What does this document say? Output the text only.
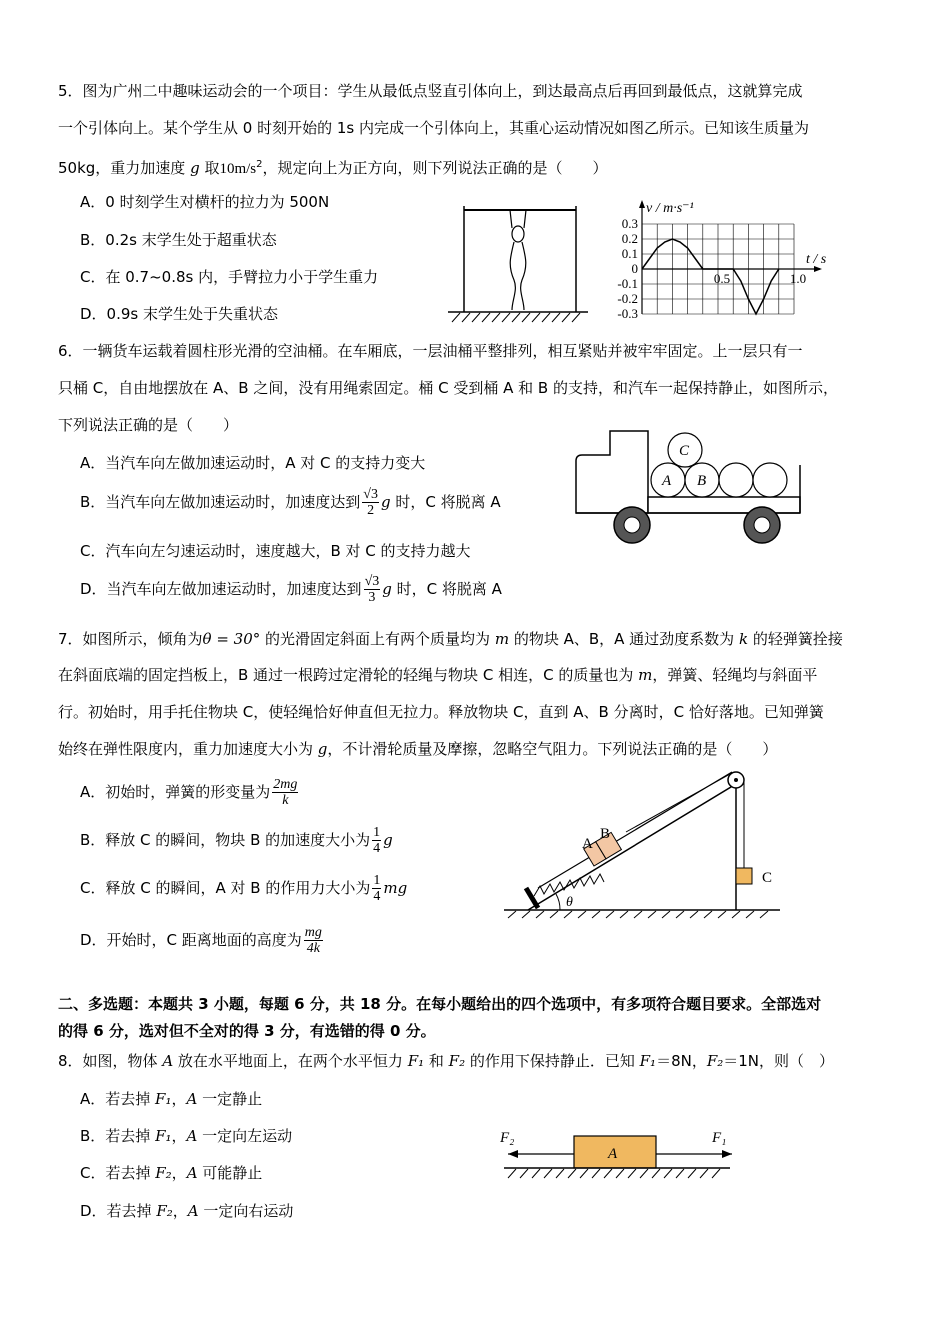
5．图为广州二中趣味运动会的一个项目：学生从最低点竖直引体向上，到达最高点后再回到最低点，这就算完成
一个引体向上。某个学生从 0 时刻开始的 1s 内完成一个引体向上，其重心运动情况如图乙所示。已知该生质量为
50kg，重力加速度 g 取$10m/s^2$，规定向上为正方向，则下列说法正确的是（　　）
A．0 时刻学生对横杆的拉力为 500N
B．0.2s 末学生处于超重状态
C．在 0.7~0.8s 内，手臂拉力小于学生重力
D．0.9s 末学生处于失重状态
v / m·s⁻¹
t / s
0.3
0.2
0.1
0
-0.1
-0.2
-0.3
0.5	1.0
6．一辆货车运载着圆柱形光滑的空油桶。在车厢底，一层油桶平整排列，相互紧贴并被牢牢固定。上一层只有一
只桶 C，自由地摆放在 A、B 之间，没有用绳索固定。桶 C 受到桶 A 和 B 的支持，和汽车一起保持静止，如图所示，
下列说法正确的是（　　）
A．当汽车向左做加速运动时，A 对 C 的支持力变大
B．当汽车向左做加速运动时，加速度达到 $\frac{√3}{2}$ g 时，C 将脱离 A
C．汽车向左匀速运动时，速度越大，B 对 C 的支持力越大
D．当汽车向左做加速运动时，加速度达到 $\frac{√3}{3}$ g 时，C 将脱离 A
A B
C
7．如图所示，倾角为θ = 30° 的光滑固定斜面上有两个质量均为 m 的物块 A、B，A 通过劲度系数为 k 的轻弹簧拴接
在斜面底端的固定挡板上，B 通过一根跨过定滑轮的轻绳与物块 C 相连，C 的质量也为 m，弹簧、轻绳均与斜面平
行。初始时，用手托住物块 C，使轻绳恰好伸直但无拉力。释放物块 C，直到 A、B 分离时，C 恰好落地。已知弹簧
始终在弹性限度内，重力加速度大小为 g，不计滑轮质量及摩擦，忽略空气阻力。下列说法正确的是（　　）
A．初始时，弹簧的形变量为 $\frac{2mg}{k}$
B．释放 C 的瞬间，物块 B 的加速度大小为 $\frac{1}{4}$ g
C．释放 C 的瞬间，A 对 B 的作用力大小为 $\frac{1}{4}$ mg
D．开始时，C 距离地面的高度为 $\frac{mg}{4k}$
A
B
C
θ
二、多选题：本题共 3 小题，每题 6 分，共 18 分。在每小题给出的四个选项中，有多项符合题目要求。全部选对
的得 6 分，选对但不全对的得 3 分，有选错的得 0 分。
8．如图，物体 A 放在水平地面上，在两个水平恒力 F₁ 和 F₂ 的作用下保持静止．已知 F₁＝8N，F₂＝1N，则（　）
A．若去掉 F₁，A 一定静止
B．若去掉 F₁，A 一定向左运动
C．若去掉 F₂，A 可能静止
D．若去掉 F₂，A 一定向右运动
F₂	F₁
A
